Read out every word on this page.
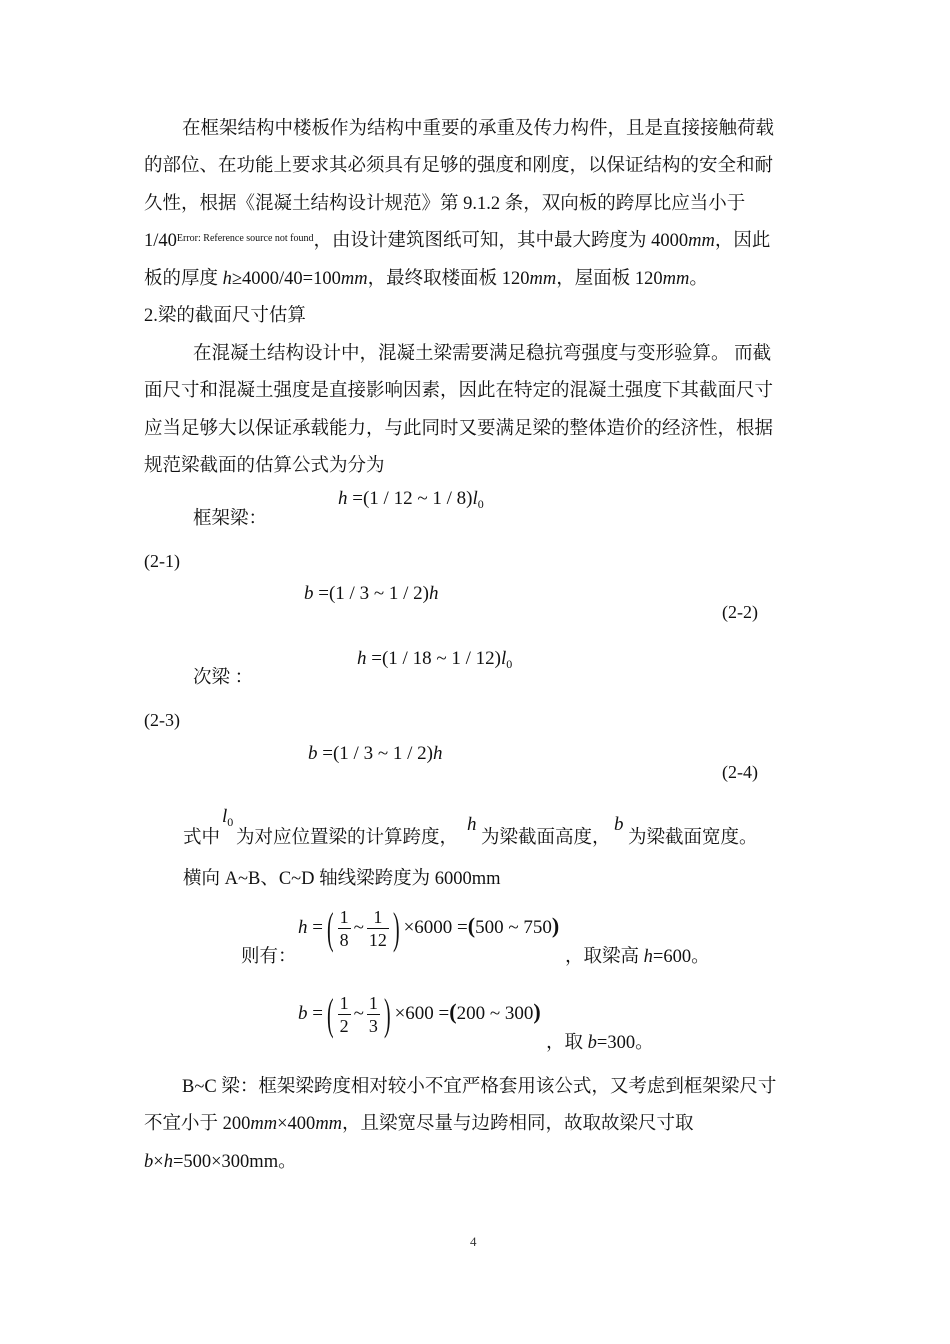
在框架结构中楼板作为结构中重要的承重及传力构件，且是直接接触荷载
的部位、在功能上要求其必须具有足够的强度和刚度，以保证结构的安全和耐
久性，根据《混凝土结构设计规范》第 9.1.2 条，双向板的跨厚比应当小于
$1/40^{Error: Reference source not found}$，由设计建筑图纸可知，其中最大跨度为 4000mm，因此
板的厚度 h≥4000/40=100mm，最终取楼面板 120mm，屋面板 120mm。
2.梁的截面尺寸估算
在混凝土结构设计中，混凝土梁需要满足稳抗弯强度与变形验算。 而截
面尺寸和混凝土强度是直接影响因素，因此在特定的混凝土强度下其截面尺寸
应当足够大以保证承载能力，与此同时又要满足梁的整体造价的经济性，根据
规范梁截面的估算公式为分为
h =(1 / 12 ~ $1 / 8)l_0$
框架梁：
(2-1)
b =(1 / 3 ~ 1 / 2)h
(2-2)
h =(1 / 18 ~ $1 / 12)l_0$
次梁 ：
(2-3)
b =(1 / 3 ~ 1 / 2)h
(2-4)
$l_0$	h	b
式中 为对应位置梁的计算跨度， 为梁截面高度， 为梁截面宽度。
横向 A~B、C~D 轴线梁跨度为 6000mm
h =( $\frac{1}{8}$ ~ $\frac{1}{12}$ ) ×6000 =(500 ~ 750)
则有：	，取梁高 h=600。
b =( $\frac{1}{2}$ ~ $\frac{1}{3}$ ) ×600 =(200 ~ 300)
，取 b=300。
B~C 梁：框架梁跨度相对较小不宜严格套用该公式，又考虑到框架梁尺寸
不宜小于 200mm×400mm，且梁宽尽量与边跨相同，故取故梁尺寸取
b×h=500×300mm。
4
